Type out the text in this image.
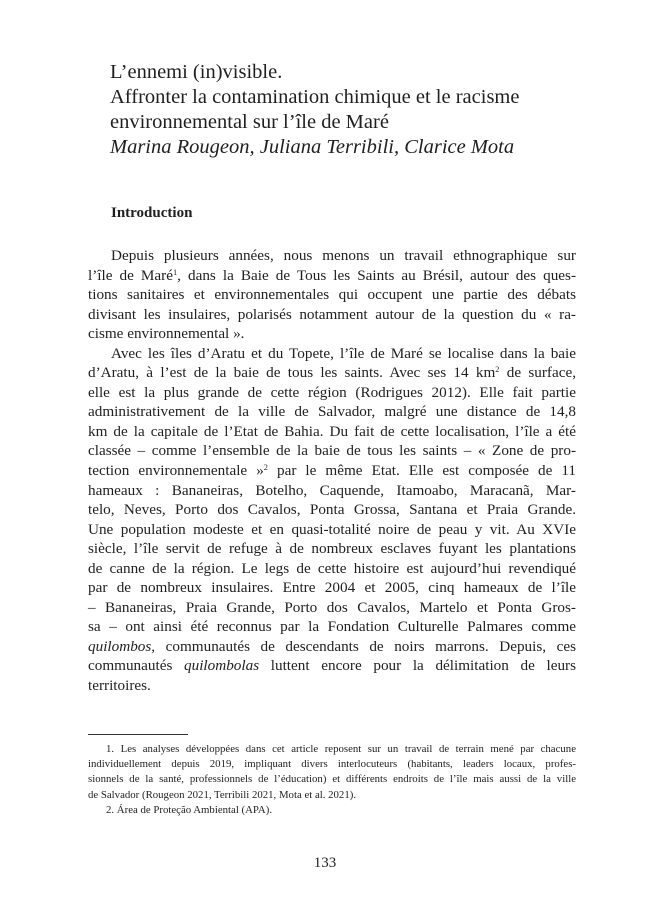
L’ennemi (in)visible.
Affronter la contamination chimique et le racisme
environnemental sur l’île de Maré
Marina Rougeon, Juliana Terribili, Clarice Mota
Introduction
Depuis plusieurs années, nous menons un travail ethnographique sur
l’île de Maré$^1$, dans la Baie de Tous les Saints au Brésil, autour des ques-
tions sanitaires et environnementales qui occupent une partie des débats
divisant les insulaires, polarisés notamment autour de la question du « ra-
cisme environnemental ».
Avec les îles d’Aratu et du Topete, l’île de Maré se localise dans la baie
d’Aratu, à l’est de la baie de tous les saints. Avec ses 14 $km^2$ de surface,
elle est la plus grande de cette région (Rodrigues 2012). Elle fait partie
administrativement de la ville de Salvador, malgré une distance de 14,8
km de la capitale de l’Etat de Bahia. Du fait de cette localisation, l’île a été
classée – comme l’ensemble de la baie de tous les saints – « Zone de pro-
tection environnementale »$^2$ par le même Etat. Elle est composée de 11
hameaux : Bananeiras, Botelho, Caquende, Itamoabo, Maracanã, Mar-
telo, Neves, Porto dos Cavalos, Ponta Grossa, Santana et Praia Grande.
Une population modeste et en quasi-totalité noire de peau y vit. Au XVIe
siècle, l’île servit de refuge à de nombreux esclaves fuyant les plantations
de canne de la région. Le legs de cette histoire est aujourd’hui revendiqué
par de nombreux insulaires. Entre 2004 et 2005, cinq hameaux de l’île
– Bananeiras, Praia Grande, Porto dos Cavalos, Martelo et Ponta Gros-
sa – ont ainsi été reconnus par la Fondation Culturelle Palmares comme
quilombos, communautés de descendants de noirs marrons. Depuis, ces
communautés quilombolas luttent encore pour la délimitation de leurs
territoires.
1. Les analyses développées dans cet article reposent sur un travail de terrain mené par chacune
individuellement depuis 2019, impliquant divers interlocuteurs (habitants, leaders locaux, profes-
sionnels de la santé, professionnels de l’éducation) et différents endroits de l’île mais aussi de la ville
de Salvador (Rougeon 2021, Terribili 2021, Mota et al. 2021).
2. Área de Proteção Ambiental (APA).
133
